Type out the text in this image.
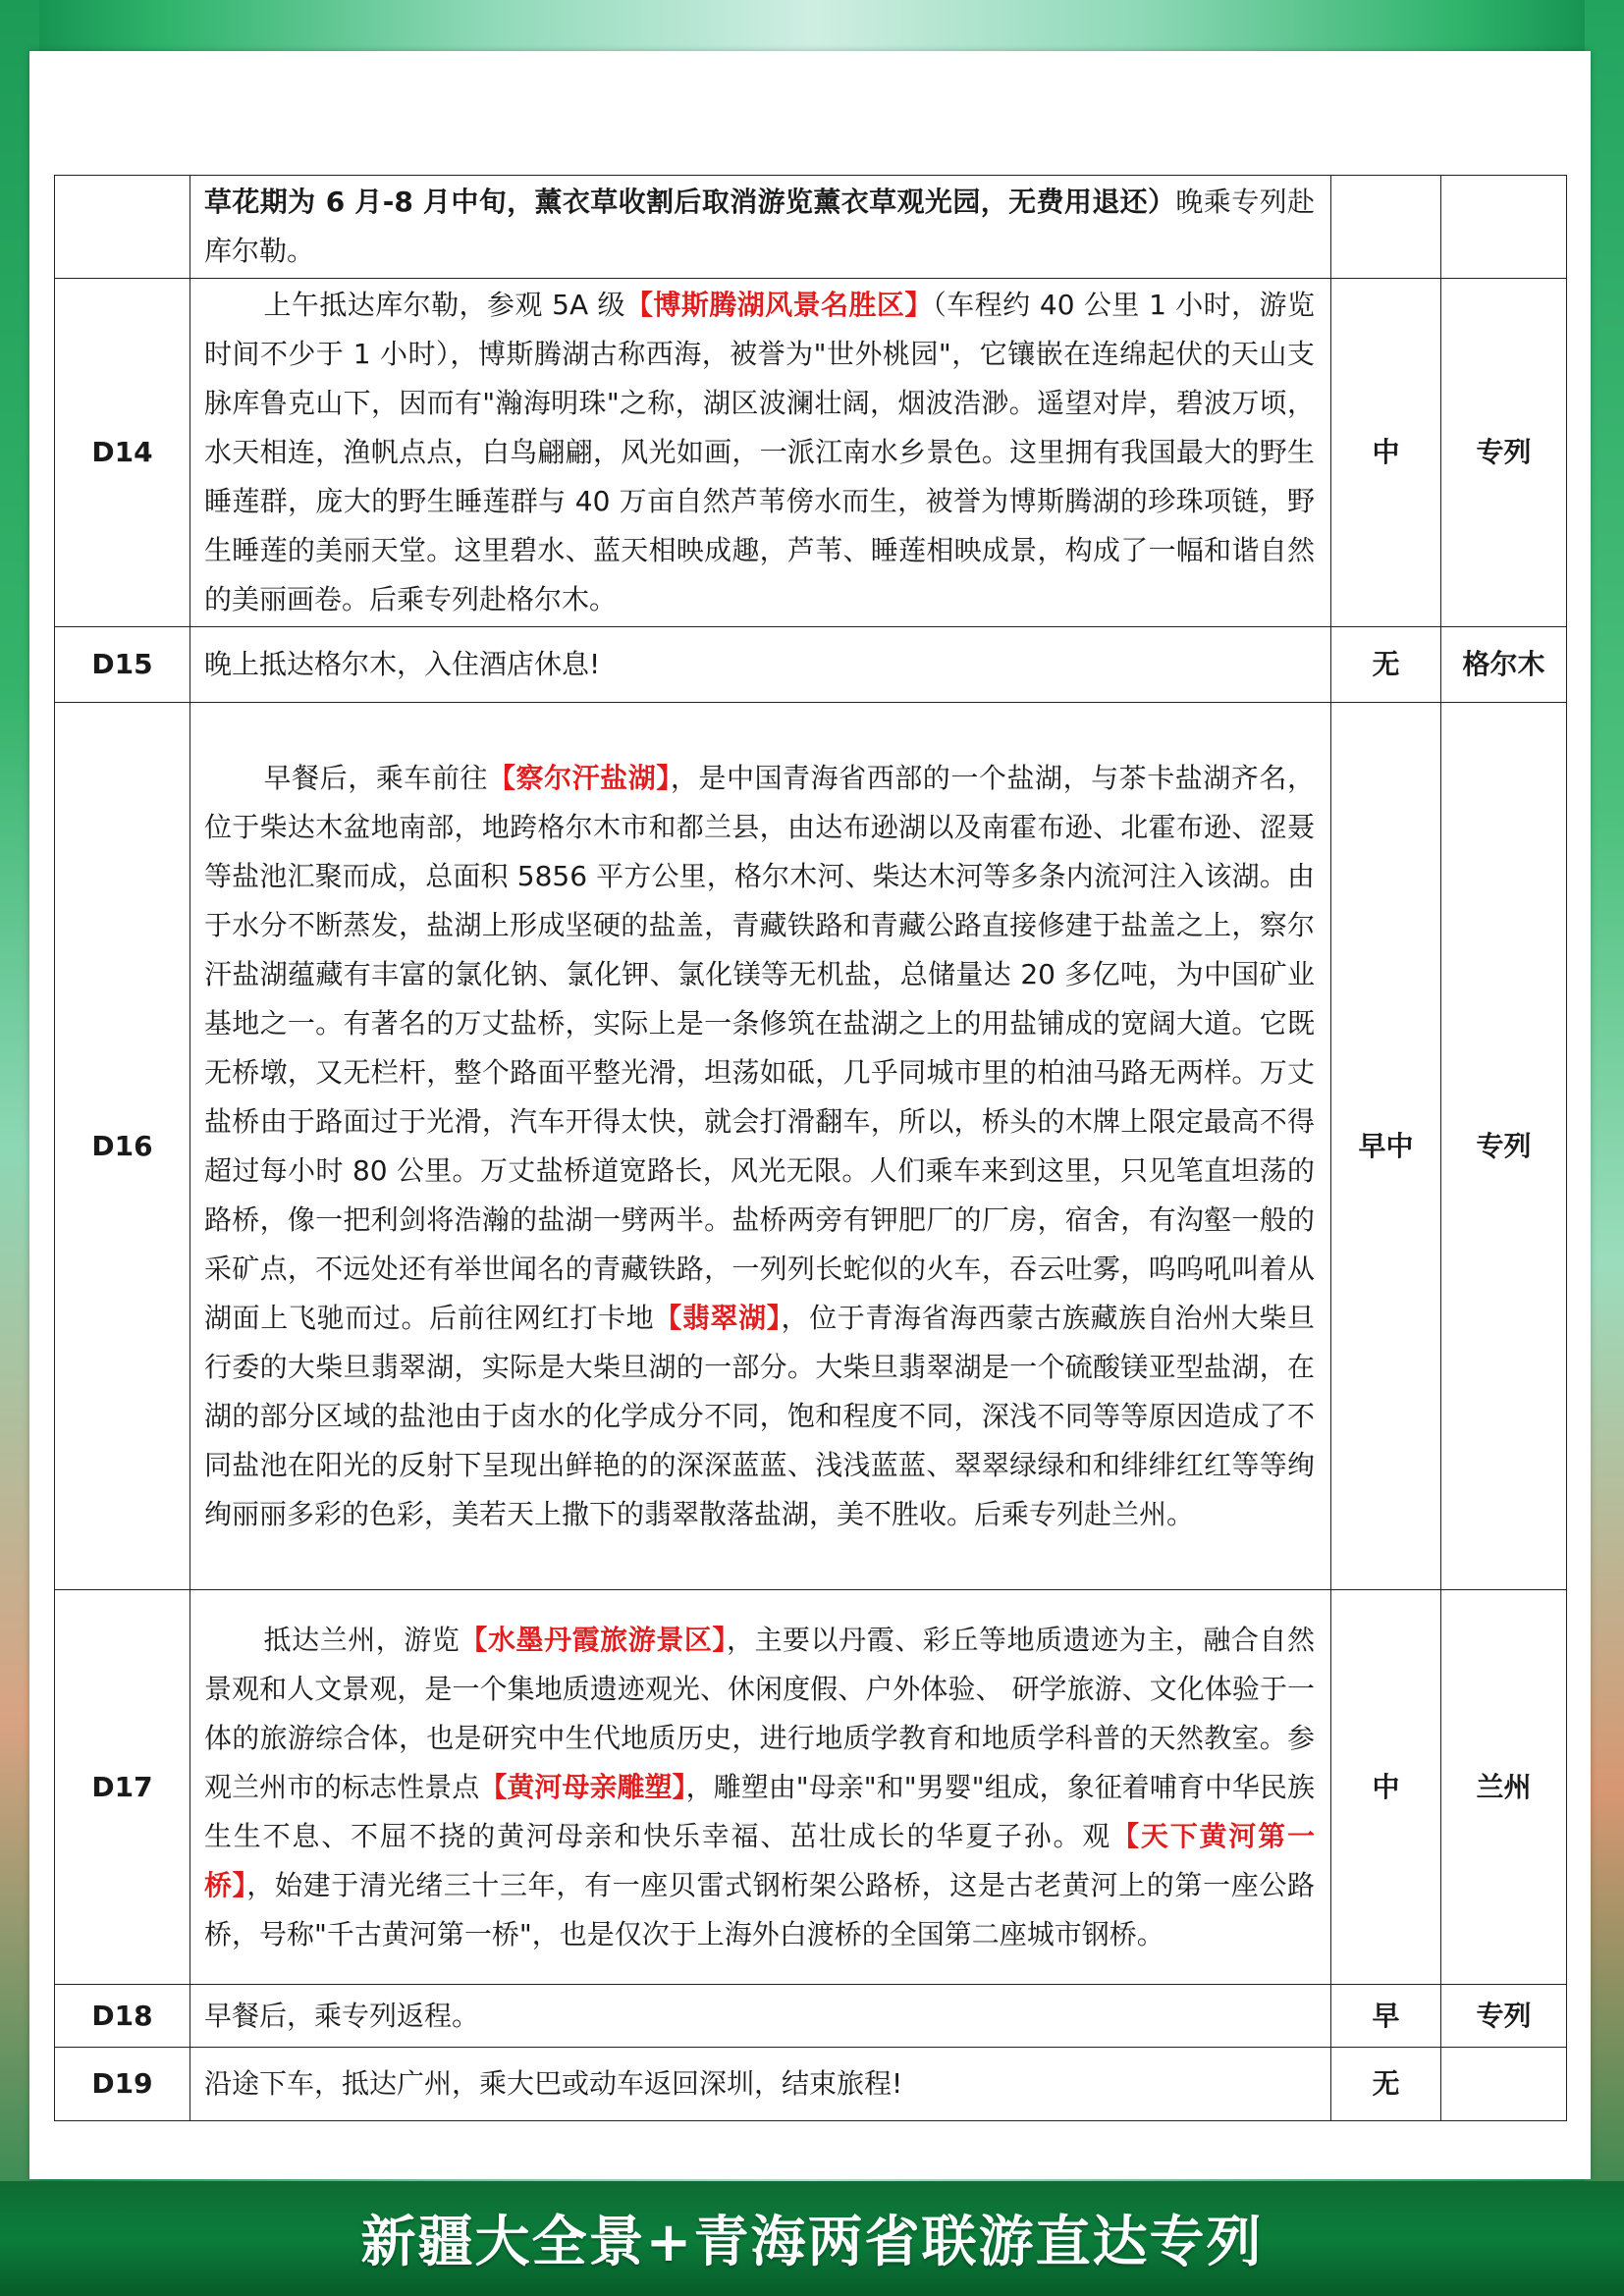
	草花期为 6 月-8 月中旬，薰衣草收割后取消游览薰衣草观光园，无费用退还）晚乘专列赴库尔勒。		
D14	上午抵达库尔勒，参观 5A 级【博斯腾湖风景名胜区】（车程约 40 公里 1 小时，游览时间不少于 1 小时），博斯腾湖古称西海，被誉为"世外桃园"，它镶嵌在连绵起伏的天山支脉库鲁克山下，因而有"瀚海明珠"之称，湖区波澜壮阔，烟波浩渺。遥望对岸，碧波万顷，水天相连，渔帆点点，白鸟翩翩，风光如画，一派江南水乡景色。这里拥有我国最大的野生睡莲群，庞大的野生睡莲群与 40 万亩自然芦苇傍水而生，被誉为博斯腾湖的珍珠项链，野生睡莲的美丽天堂。这里碧水、蓝天相映成趣，芦苇、睡莲相映成景，构成了一幅和谐自然的美丽画卷。后乘专列赴格尔木。	中	专列
D15	晚上抵达格尔木，入住酒店休息!	无	格尔木
D16	早餐后，乘车前往【察尔汗盐湖】，是中国青海省西部的一个盐湖，与茶卡盐湖齐名，位于柴达木盆地南部，地跨格尔木市和都兰县，由达布逊湖以及南霍布逊、北霍布逊、涩聂等盐池汇聚而成，总面积 5856 平方公里，格尔木河、柴达木河等多条内流河注入该湖。由于水分不断蒸发，盐湖上形成坚硬的盐盖，青藏铁路和青藏公路直接修建于盐盖之上，察尔汗盐湖蕴藏有丰富的氯化钠、氯化钾、氯化镁等无机盐，总储量达 20 多亿吨，为中国矿业基地之一。有著名的万丈盐桥，实际上是一条修筑在盐湖之上的用盐铺成的宽阔大道。它既无桥墩，又无栏杆，整个路面平整光滑，坦荡如砥，几乎同城市里的柏油马路无两样。万丈盐桥由于路面过于光滑，汽车开得太快，就会打滑翻车，所以，桥头的木牌上限定最高不得超过每小时 80 公里。万丈盐桥道宽路长，风光无限。人们乘车来到这里，只见笔直坦荡的路桥，像一把利剑将浩瀚的盐湖一劈两半。盐桥两旁有钾肥厂的厂房，宿舍，有沟壑一般的采矿点，不远处还有举世闻名的青藏铁路，一列列长蛇似的火车，吞云吐雾，呜呜吼叫着从湖面上飞驰而过。后前往网红打卡地【翡翠湖】，位于青海省海西蒙古族藏族自治州大柴旦行委的大柴旦翡翠湖，实际是大柴旦湖的一部分。大柴旦翡翠湖是一个硫酸镁亚型盐湖，在湖的部分区域的盐池由于卤水的化学成分不同，饱和程度不同，深浅不同等等原因造成了不同盐池在阳光的反射下呈现出鲜艳的的深深蓝蓝、浅浅蓝蓝、翠翠绿绿和和绯绯红红等等绚绚丽丽多彩的色彩，美若天上撒下的翡翠散落盐湖，美不胜收。后乘专列赴兰州。	早中	专列
D17	抵达兰州，游览【水墨丹霞旅游景区】，主要以丹霞、彩丘等地质遗迹为主，融合自然景观和人文景观，是一个集地质遗迹观光、休闲度假、户外体验、 研学旅游、文化体验于一体的旅游综合体，也是研究中生代地质历史，进行地质学教育和地质学科普的天然教室。参观兰州市的标志性景点【黄河母亲雕塑】，雕塑由"母亲"和"男婴"组成，象征着哺育中华民族生生不息、不屈不挠的黄河母亲和快乐幸福、茁壮成长的华夏子孙。观【天下黄河第一桥】，始建于清光绪三十三年，有一座贝雷式钢桁架公路桥，这是古老黄河上的第一座公路桥，号称"千古黄河第一桥"，也是仅次于上海外白渡桥的全国第二座城市钢桥。	中	兰州
D18	早餐后，乘专列返程。	早	专列
D19	沿途下车，抵达广州，乘大巴或动车返回深圳，结束旅程!	无	
新疆大全景+青海两省联游直达专列
